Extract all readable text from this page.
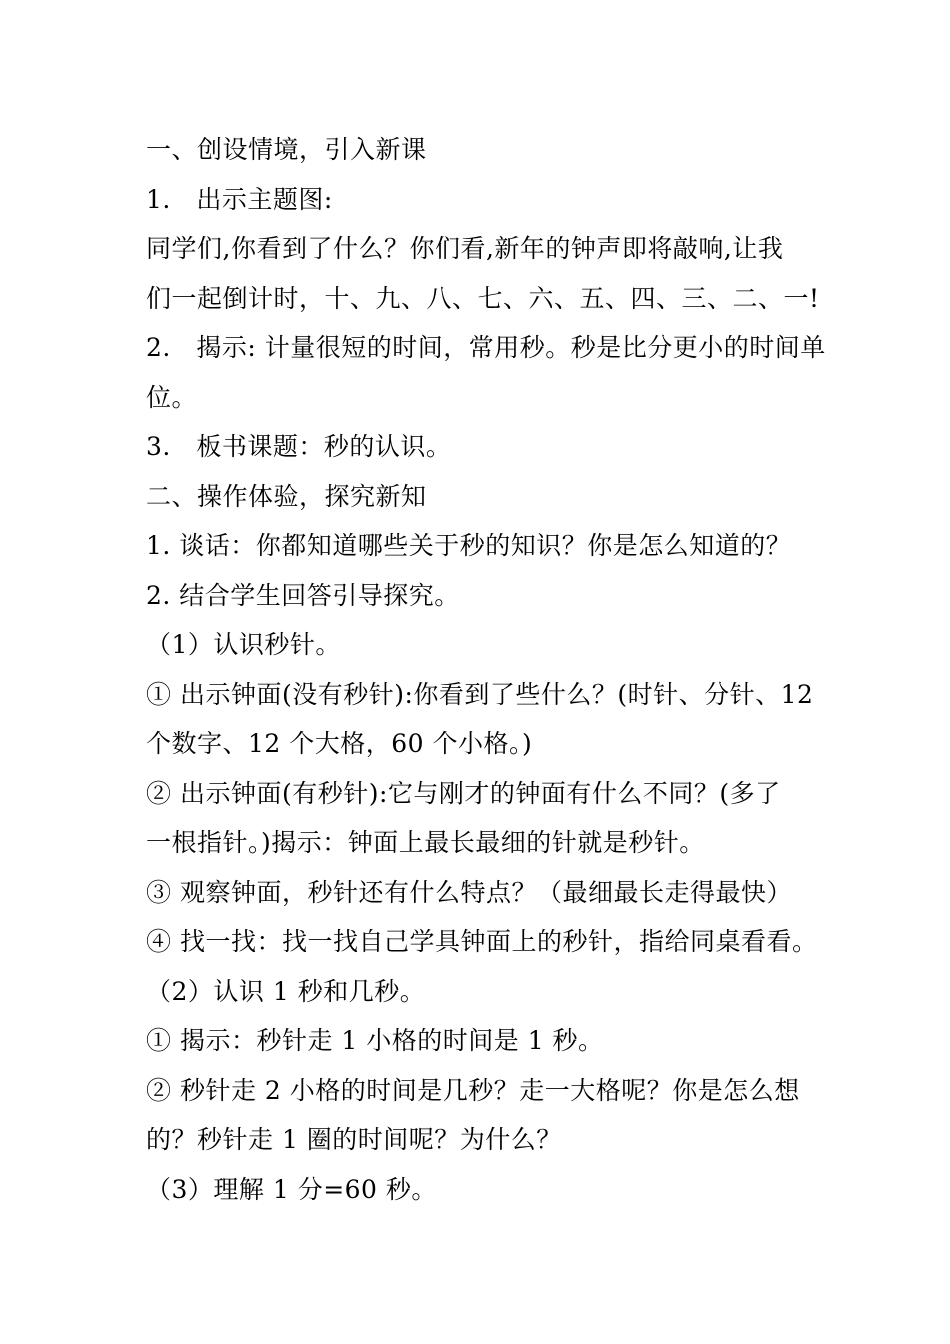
一、创设情境，引入新课
1.　出示主题图:
同学们,你看到了什么？你们看,新年的钟声即将敲响,让我
们一起倒计时，十、九、八、七、六、五、四、三、二、一!
2.　揭示: 计量很短的时间，常用秒。秒是比分更小的时间单
位。
3.　板书课题：秒的认识。
二、操作体验，探究新知
1. 谈话：你都知道哪些关于秒的知识？你是怎么知道的？
2. 结合学生回答引导探究。
（1）认识秒针。
① 出示钟面(没有秒针):你看到了些什么？(时针、分针、12
个数字、12 个大格，60 个小格。)
② 出示钟面(有秒针):它与刚才的钟面有什么不同？(多了
一根指针。)揭示：钟面上最长最细的针就是秒针。
③ 观察钟面，秒针还有什么特点？（最细最长走得最快）
④ 找一找：找一找自己学具钟面上的秒针，指给同桌看看。
（2）认识 1 秒和几秒。
① 揭示：秒针走 1 小格的时间是 1 秒。
② 秒针走 2 小格的时间是几秒？走一大格呢？你是怎么想
的？秒针走 1 圈的时间呢？为什么？
（3）理解 1 分=60 秒。
